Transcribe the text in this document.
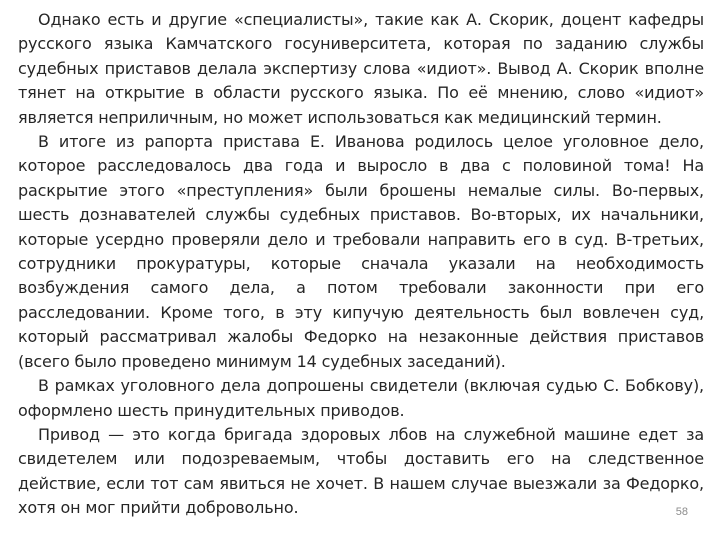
Однако есть и другие «специалисты», такие как А. Скорик, доцент кафедры русского языка Камчатского госуниверситета, которая по заданию службы судебных приставов делала экспертизу слова «идиот». Вывод А. Скорик вполне тянет на открытие в области русского языка. По её мнению, слово «идиот» является неприличным, но может использоваться как медицинский термин.

В итоге из рапорта пристава Е. Иванова родилось целое уголовное дело, которое расследовалось два года и выросло в два с половиной тома! На раскрытие этого «преступления» были брошены немалые силы. Во-первых, шесть дознавателей службы судебных приставов. Во-вторых, их начальники, которые усердно проверяли дело и требовали направить его в суд. В-третьих, сотрудники прокуратуры, которые сначала указали на необходимость возбуждения самого дела, а потом требовали законности при его расследовании. Кроме того, в эту кипучую деятельность был вовлечен суд, который рассматривал жалобы Федорко на незаконные действия приставов (всего было проведено минимум 14 судебных заседаний).

В рамках уголовного дела допрошены свидетели (включая судью С. Бобкову), оформлено шесть принудительных приводов.

Привод — это когда бригада здоровых лбов на служебной машине едет за свидетелем или подозреваемым, чтобы доставить его на следственное действие, если тот сам явиться не хочет. В нашем случае выезжали за Федорко, хотя он мог прийти добровольно.	58
